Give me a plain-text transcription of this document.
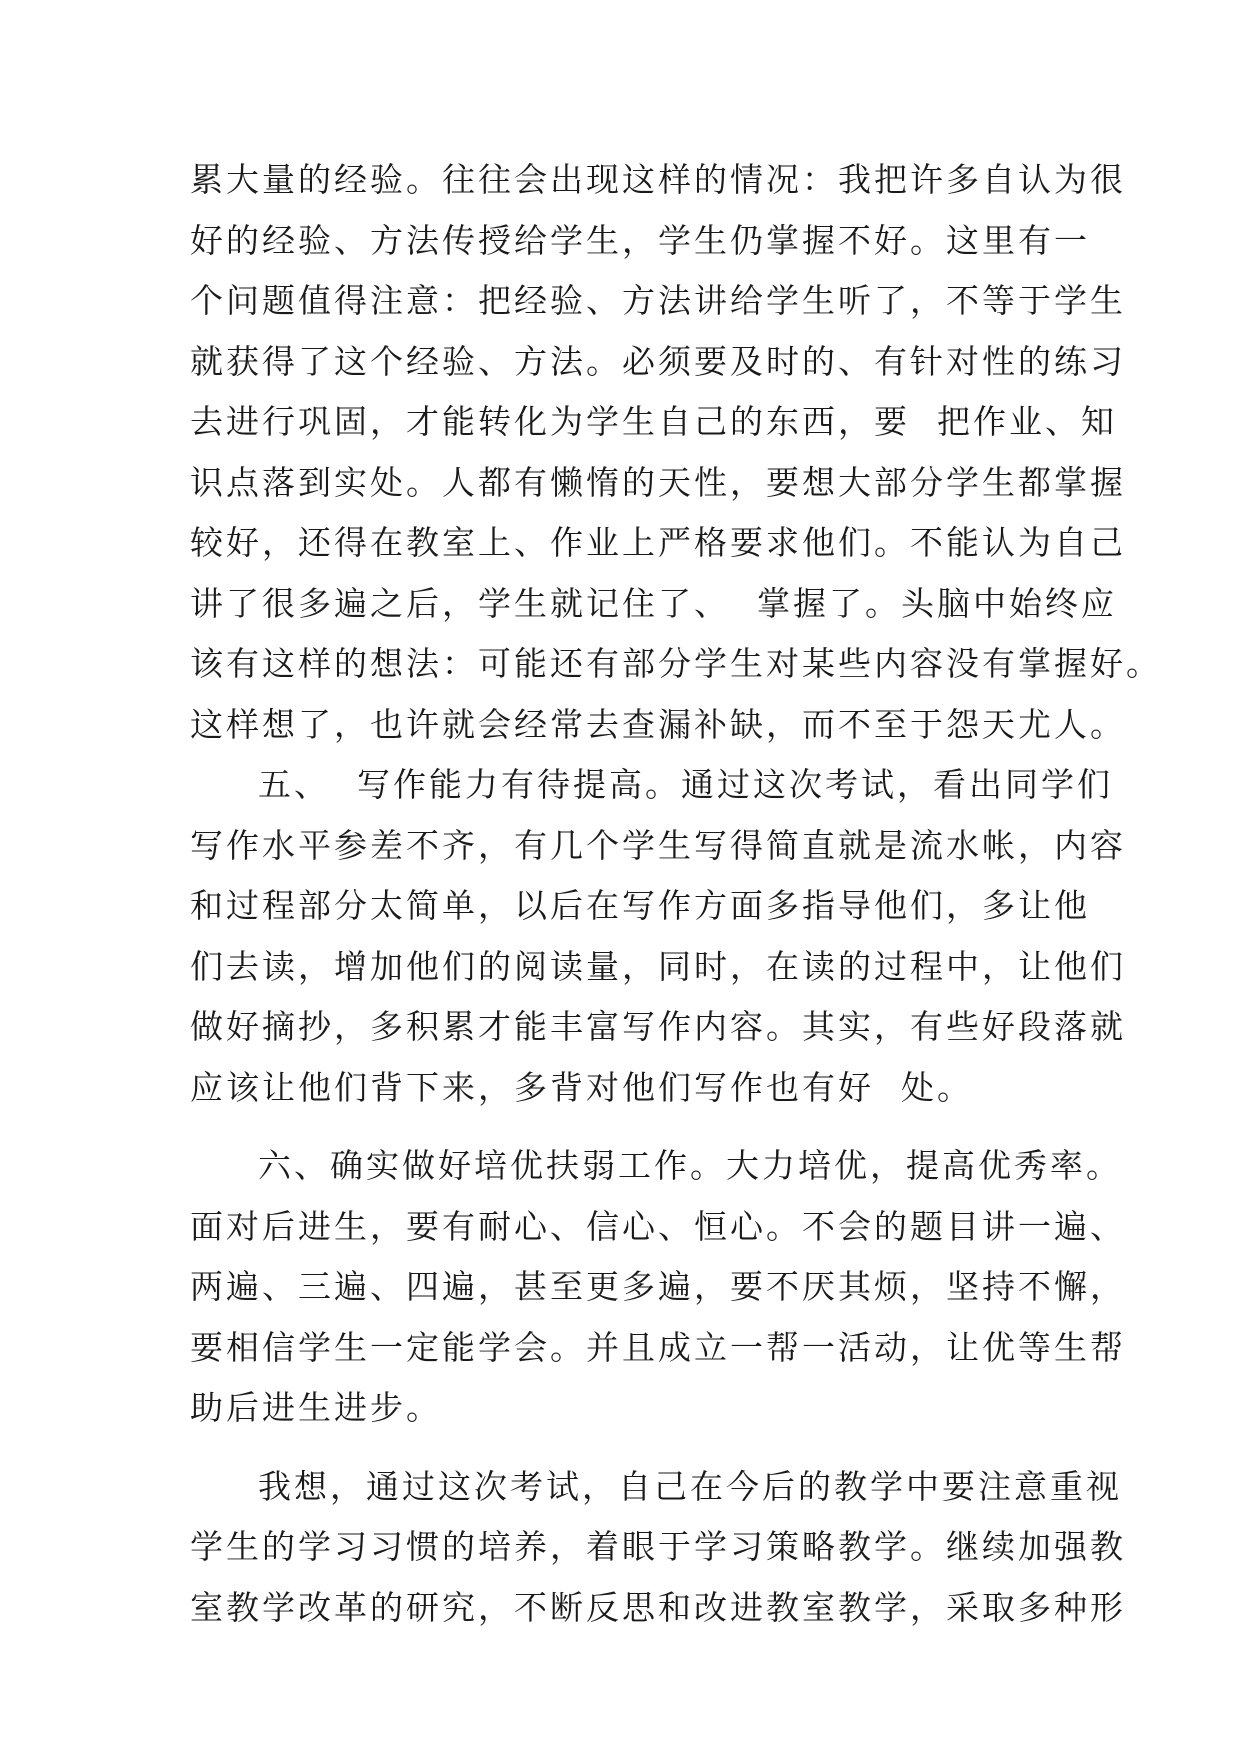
累大量的经验。往往会出现这样的情况：我把许多自认为很
好的经验、方法传授给学生，学生仍掌握不好。这里有一
个问题值得注意：把经验、方法讲给学生听了，不等于学生
就获得了这个经验、方法。必须要及时的、有针对性的练习
去进行巩固，才能转化为学生自己的东西，要  把作业、知
识点落到实处。人都有懒惰的天性，要想大部分学生都掌握
较好，还得在教室上、作业上严格要求他们。不能认为自己
讲了很多遍之后，学生就记住了、  掌握了。头脑中始终应
该有这样的想法：可能还有部分学生对某些内容没有掌握好。
这样想了，也许就会经常去查漏补缺，而不至于怨天尤人。
五、  写作能力有待提高。通过这次考试，看出同学们
写作水平参差不齐，有几个学生写得简直就是流水帐，内容
和过程部分太简单，以后在写作方面多指导他们，多让他
们去读，增加他们的阅读量，同时，在读的过程中，让他们
做好摘抄，多积累才能丰富写作内容。其实，有些好段落就
应该让他们背下来，多背对他们写作也有好  处。
六、确实做好培优扶弱工作。大力培优，提高优秀率。
面对后进生，要有耐心、信心、恒心。不会的题目讲一遍、
两遍、三遍、四遍，甚至更多遍，要不厌其烦，坚持不懈，
要相信学生一定能学会。并且成立一帮一活动，让优等生帮
助后进生进步。
我想，通过这次考试，自己在今后的教学中要注意重视
学生的学习习惯的培养，着眼于学习策略教学。继续加强教
室教学改革的研究，不断反思和改进教室教学，采取多种形
